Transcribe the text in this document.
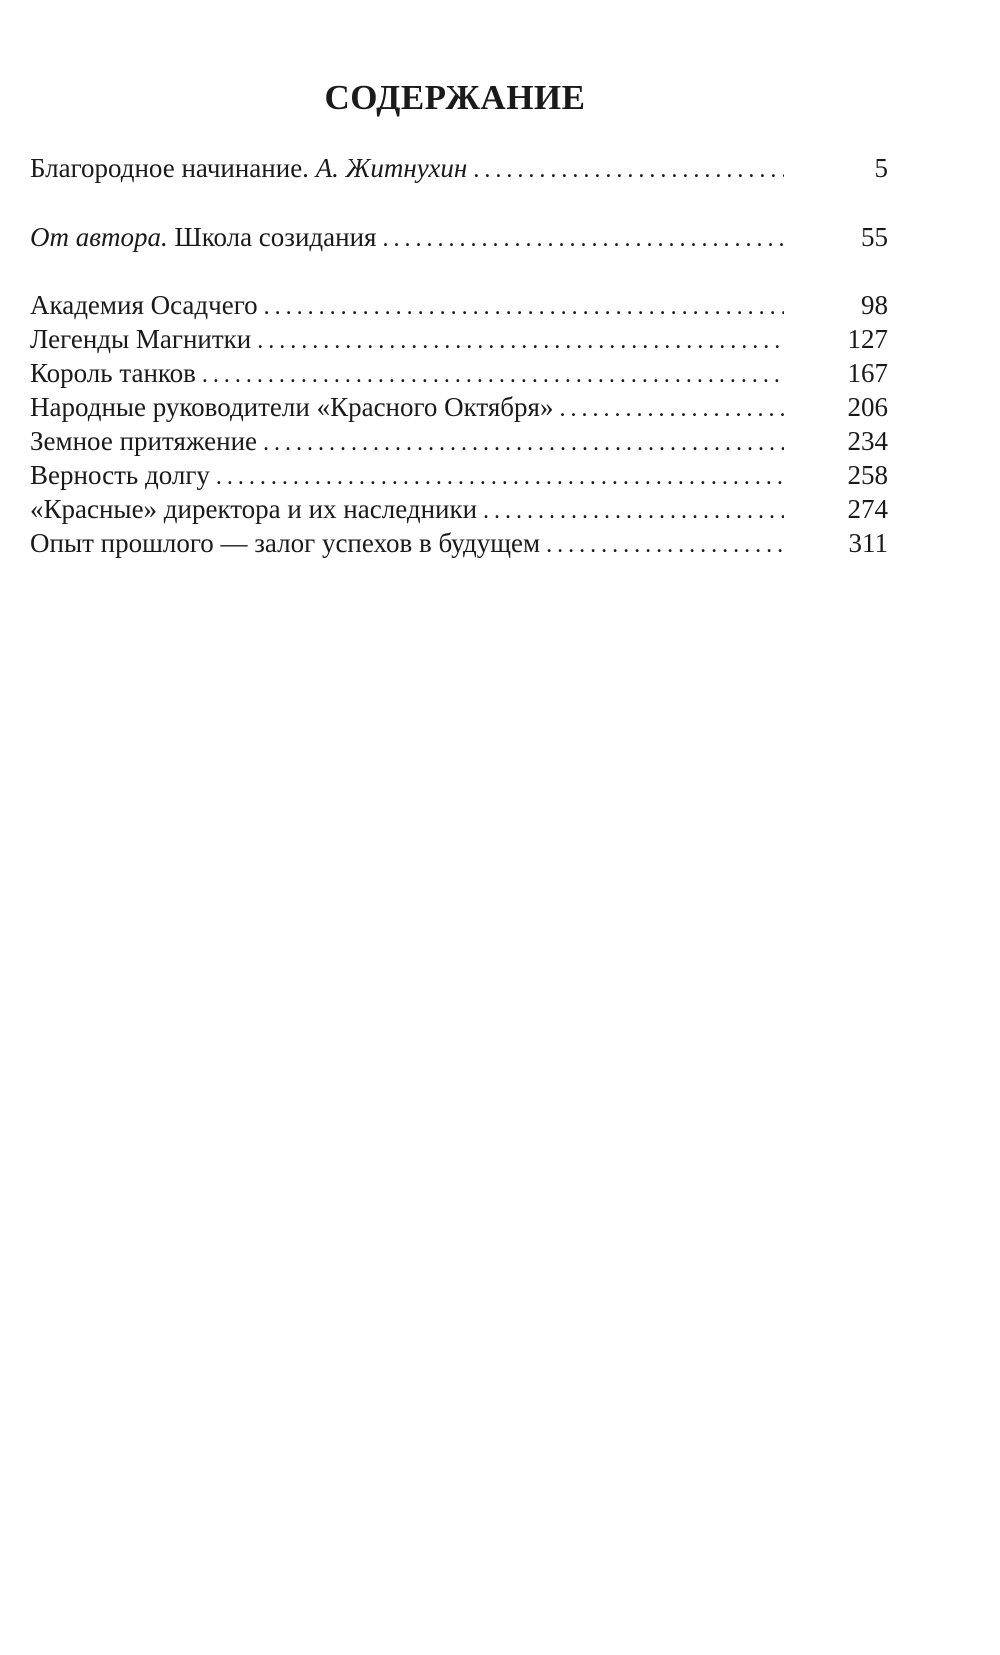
СОДЕРЖАНИЕ
Благородное начинание. А. Житнухин . . .	5
От автора. Школа созидания . . .	55
Академия Осадчего . . .	98
Легенды Магнитки . . .	127
Король танков . . .	167
Народные руководители «Красного Октября» . . .	206
Земное притяжение . . .	234
Верность долгу . . .	258
«Красные» директора и их наследники . . .	274
Опыт прошлого — залог успехов в будущем . . .	311
